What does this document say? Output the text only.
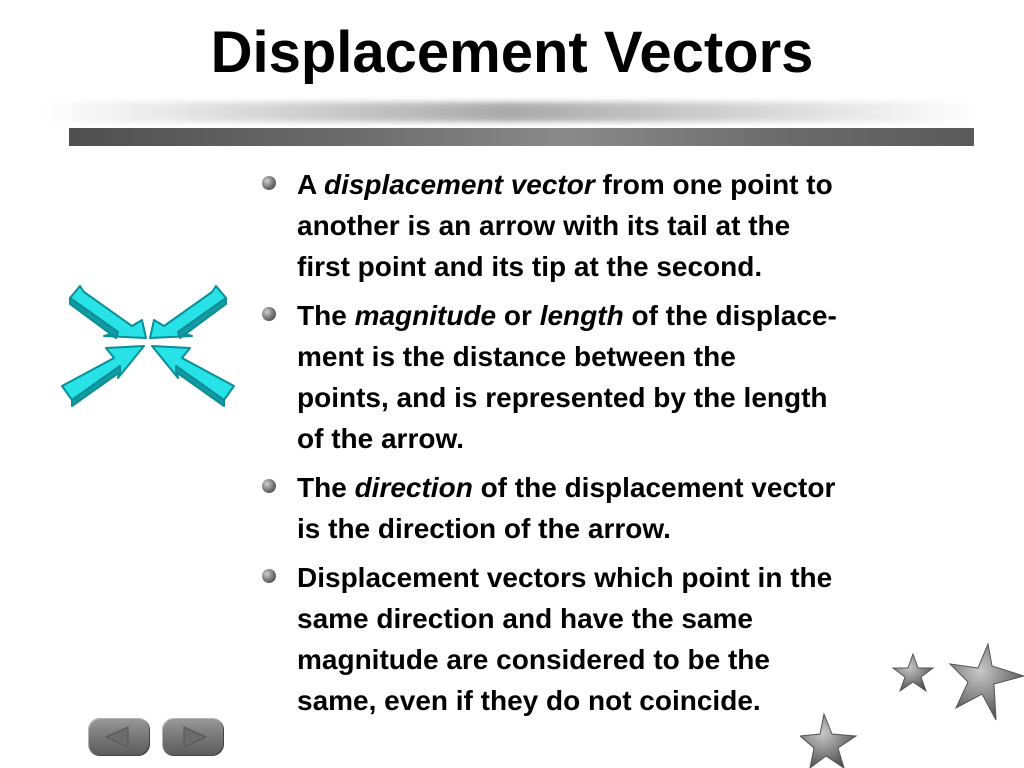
Displacement Vectors
A displacement vector from one point to
another is an arrow with its tail at the
first point and its tip at the second.
The magnitude or length of the displace-
ment is the distance between the
points, and is represented by the length
of the arrow.
The direction of the displacement vector
is the direction of the arrow.
Displacement vectors which point in the
same direction and have the same
magnitude are considered to be the
same, even if they do not coincide.
